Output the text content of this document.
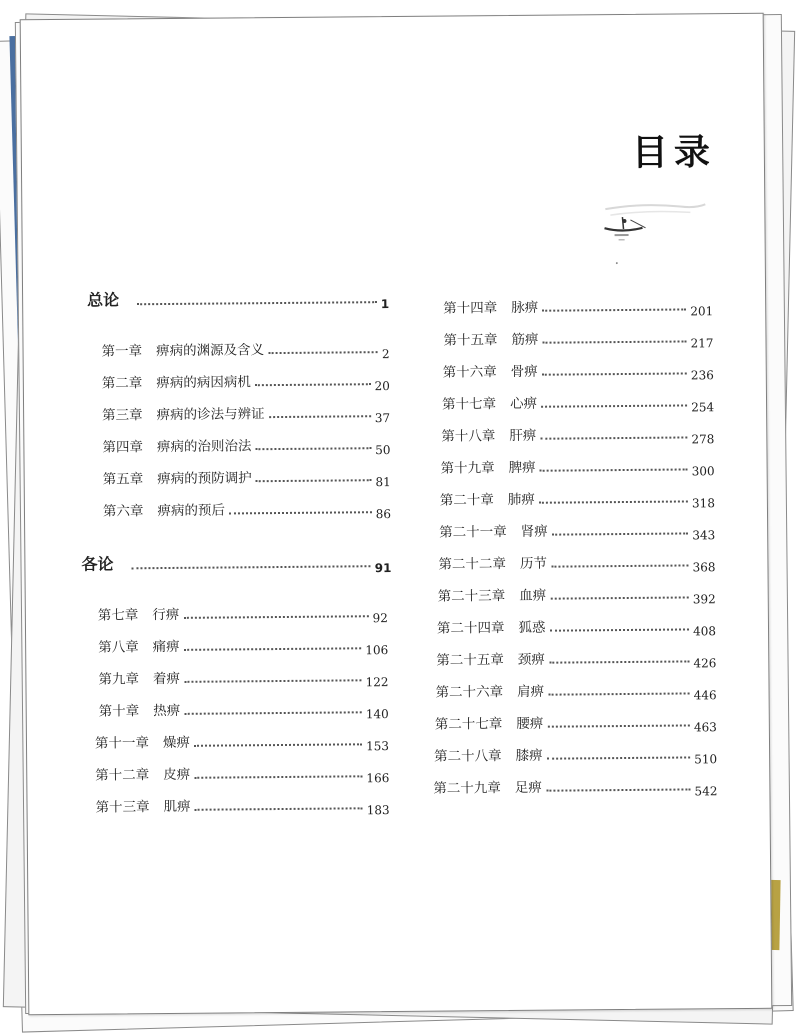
目录
总论	1
第一章 痹病的渊源及含义	2
第二章 痹病的病因病机	20
第三章 痹病的诊法与辨证	37
第四章 痹病的治则治法	50
第五章 痹病的预防调护	81
第六章 痹病的预后	86
各论	91
第七章 行痹	92
第八章 痛痹	106
第九章 着痹	122
第十章 热痹	140
第十一章 燥痹	153
第十二章 皮痹	166
第十三章 肌痹	183
第十四章 脉痹	201
第十五章 筋痹	217
第十六章 骨痹	236
第十七章 心痹	254
第十八章 肝痹	278
第十九章 脾痹	300
第二十章 肺痹	318
第二十一章 肾痹	343
第二十二章 历节	368
第二十三章 血痹	392
第二十四章 狐惑	408
第二十五章 颈痹	426
第二十六章 肩痹	446
第二十七章 腰痹	463
第二十八章 膝痹	510
第二十九章 足痹	542
